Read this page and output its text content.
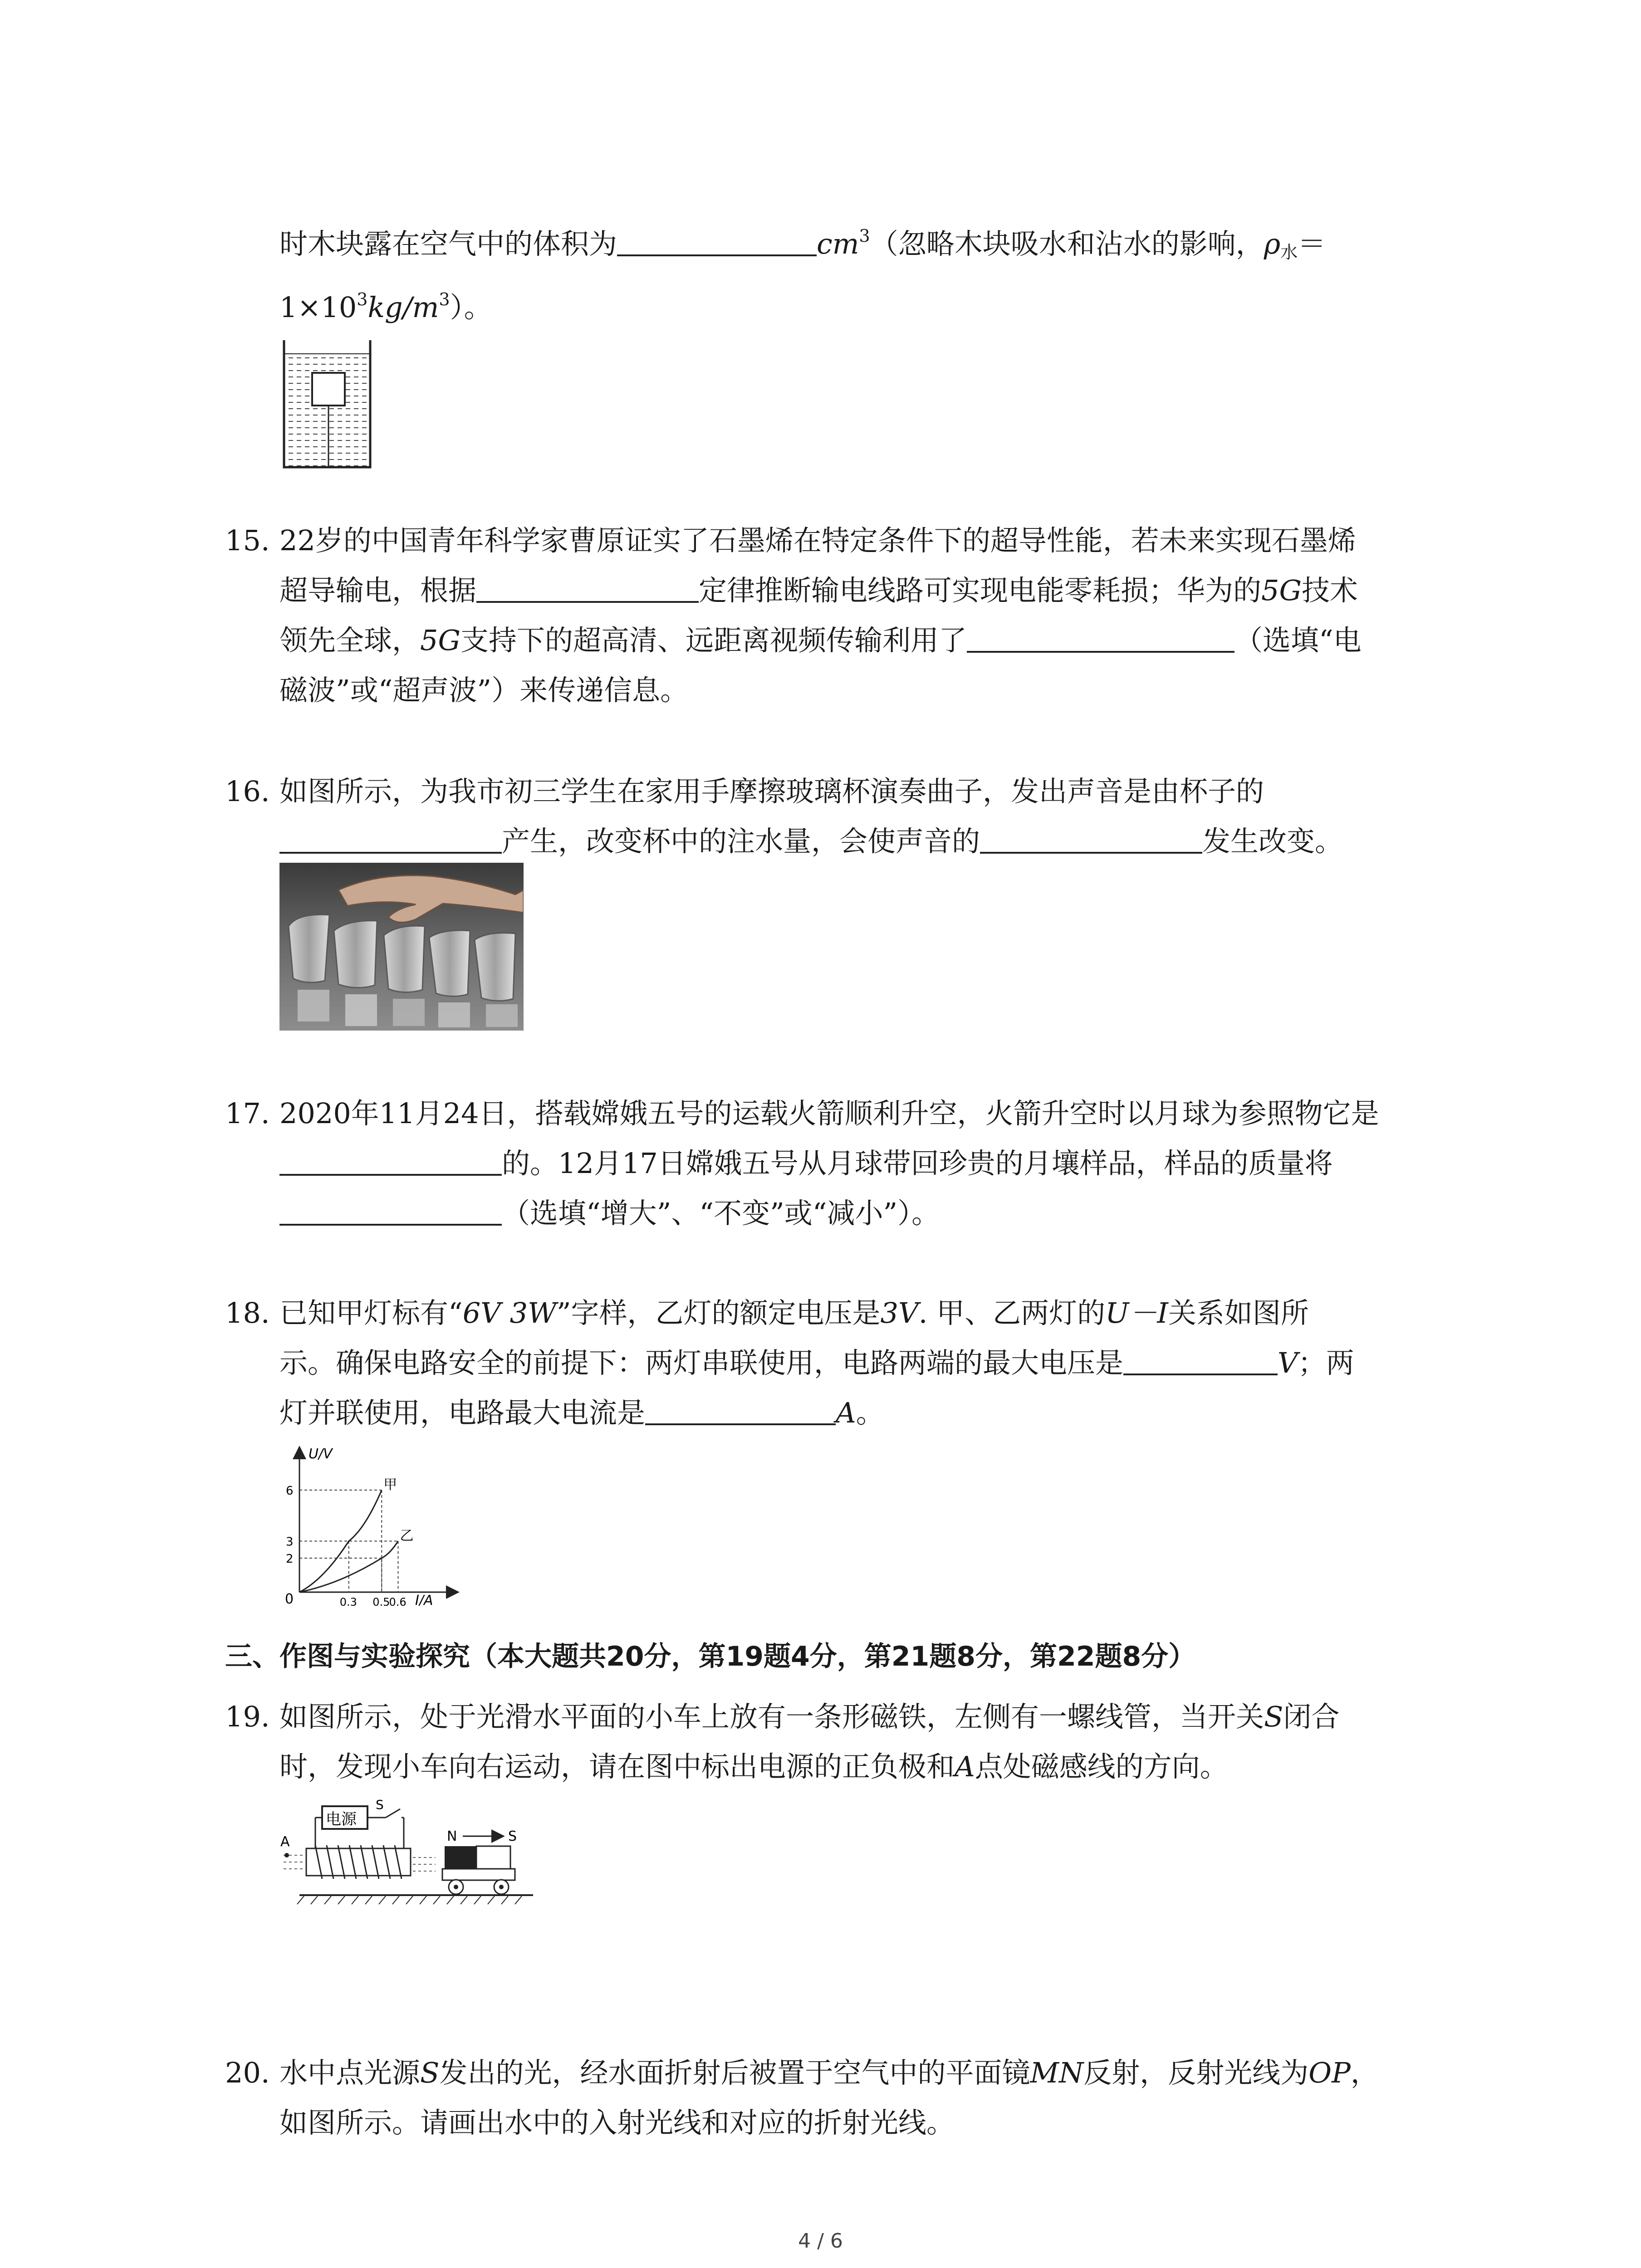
时木块露在空气中的体积为	$cm^3$（忽略木块吸水和沾水的影响，$\rho_水=$
$1\times 10^3kg/m^3$）。
15. 22岁的中国青年科学家曹原证实了石墨烯在特定条件下的超导性能，若未来实现石墨烯
超导输电，根据	定律推断输电线路可实现电能零耗损；华为的5G技术
领先全球，5G支持下的超高清、远距离视频传输利用了	（选填“电
磁波”或“超声波”）来传递信息。
16. 如图所示，为我市初三学生在家用手摩擦玻璃杯演奏曲子，发出声音是由杯子的
产生，改变杯中的注水量，会使声音的	发生改变。
17. 2020年11月24日，搭载嫦娥五号的运载火箭顺利升空，火箭升空时以月球为参照物它是
的。12月17日嫦娥五号从月球带回珍贵的月壤样品，样品的质量将
（选填“增大”、“不变”或“减小”）。
18. 已知甲灯标有“6V 3W”字样，乙灯的额定电压是3V. 甲、乙两灯的U－I关系如图所
示。确保电路安全的前提下：两灯串联使用，电路两端的最大电压是	V；两
灯并联使用，电路最大电流是	A。
甲
乙
2
3
6
0.3 0.5
0.6
U/V
I/A
0
三、作图与实验探究（本大题共20分，第19题4分，第21题8分，第22题8分）
19. 如图所示，处于光滑水平面的小车上放有一条形磁铁，左侧有一螺线管，当开关S闭合
时，发现小车向右运动，请在图中标出电源的正负极和A点处磁感线的方向。
电源
S
A	N	S
20. 水中点光源S发出的光，经水面折射后被置于空气中的平面镜MN反射，反射光线为OP，
如图所示。请画出水中的入射光线和对应的折射光线。
4 / 6
